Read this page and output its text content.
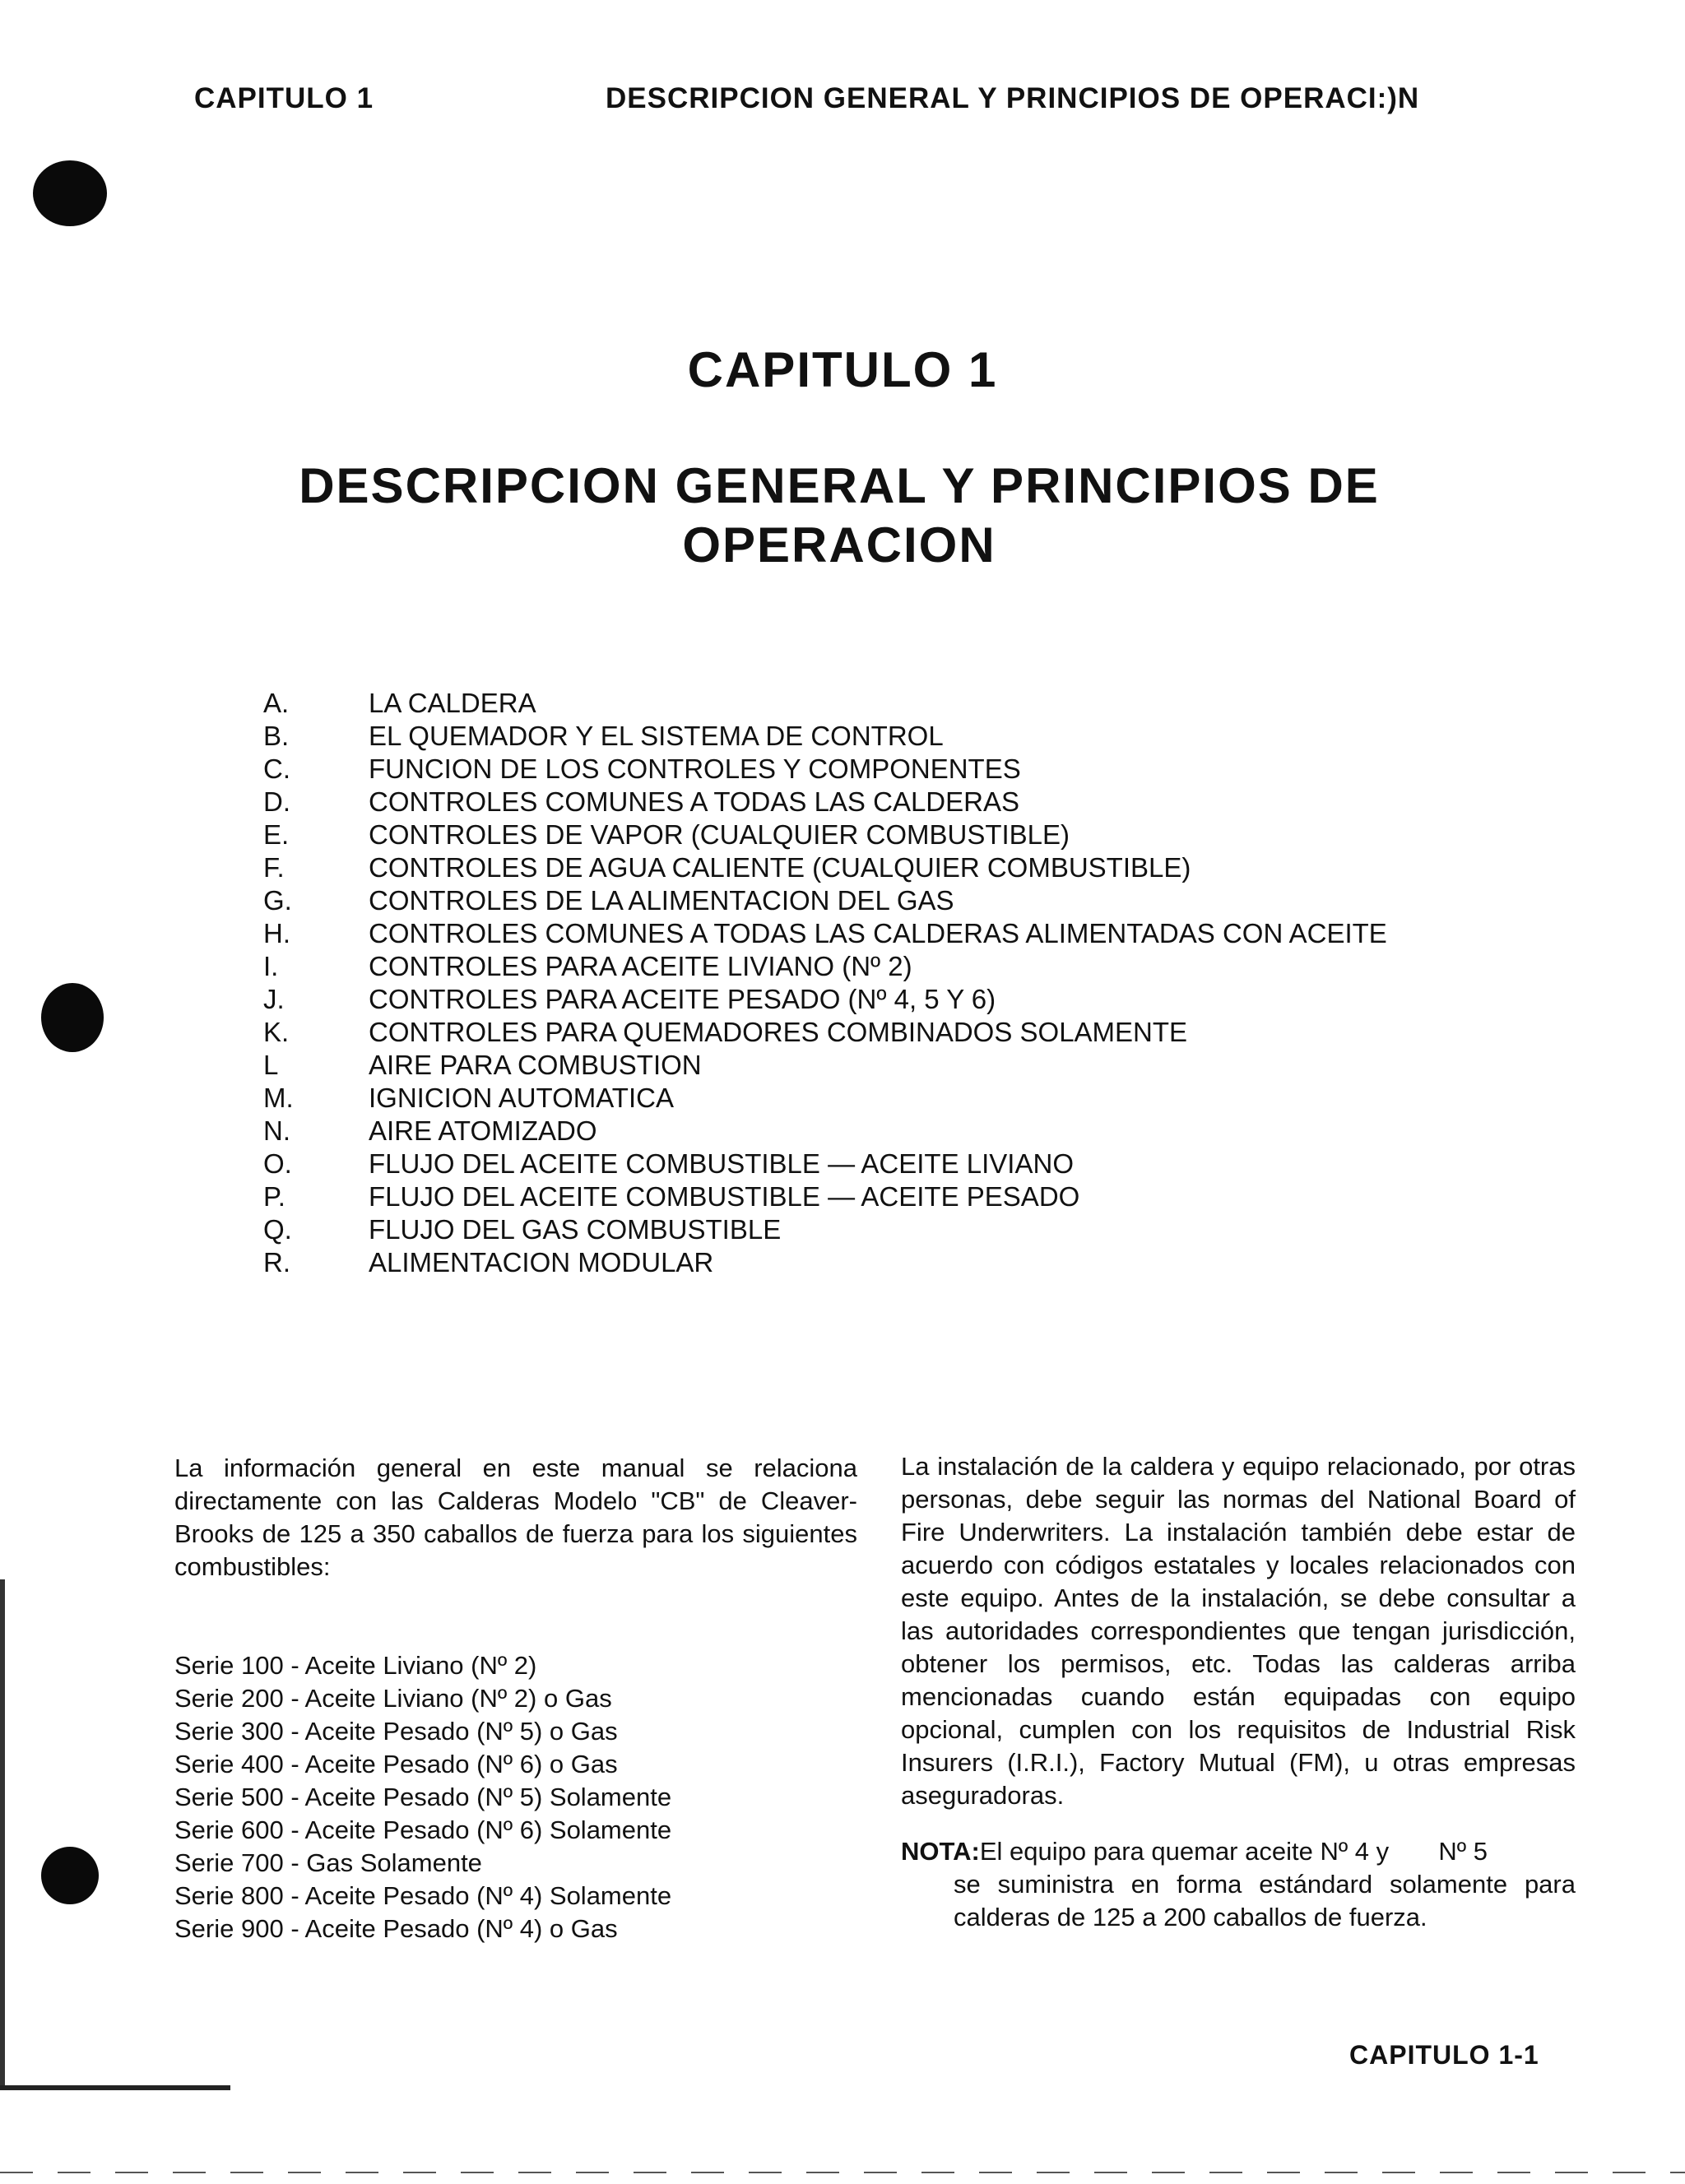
CAPITULO 1	DESCRIPCION GENERAL Y PRINCIPIOS DE OPERACI:)N
CAPITULO 1
DESCRIPCION GENERAL Y PRINCIPIOS DE OPERACION
A.	LA CALDERA
B.	EL QUEMADOR Y EL SISTEMA DE CONTROL
C.	FUNCION DE LOS CONTROLES Y COMPONENTES
D.	CONTROLES COMUNES A TODAS LAS CALDERAS
E.	CONTROLES DE VAPOR (CUALQUIER COMBUSTIBLE)
F.	CONTROLES DE AGUA CALIENTE (CUALQUIER COMBUSTIBLE)
G.	CONTROLES DE LA ALIMENTACION DEL GAS
H.	CONTROLES COMUNES A TODAS LAS CALDERAS ALIMENTADAS CON ACEITE
I.	CONTROLES PARA ACEITE LIVIANO (Nº 2)
J.	CONTROLES PARA ACEITE PESADO (Nº 4, 5 Y 6)
K.	CONTROLES PARA QUEMADORES COMBINADOS SOLAMENTE
L	AIRE PARA COMBUSTION
M.	IGNICION AUTOMATICA
N.	AIRE ATOMIZADO
O.	FLUJO DEL ACEITE COMBUSTIBLE — ACEITE LIVIANO
P.	FLUJO DEL ACEITE COMBUSTIBLE — ACEITE PESADO
Q.	FLUJO DEL GAS COMBUSTIBLE
R.	ALIMENTACION MODULAR

La información general en este manual se relaciona directamente con las Calderas Modelo "CB" de Cleaver-Brooks de 125 a 350 caballos de fuerza para los siguientes combustibles:

Serie 100 - Aceite Liviano (Nº 2)
Serie 200 - Aceite Liviano (Nº 2) o Gas
Serie 300 - Aceite Pesado (Nº 5) o Gas
Serie 400 - Aceite Pesado (Nº 6) o Gas
Serie 500 - Aceite Pesado (Nº 5) Solamente
Serie 600 - Aceite Pesado (Nº 6) Solamente
Serie 700 - Gas Solamente
Serie 800 - Aceite Pesado (Nº 4) Solamente
Serie 900 - Aceite Pesado (Nº 4) o Gas

La instalación de la caldera y equipo relacionado, por otras personas, debe seguir las normas del National Board of Fire Underwriters. La instalación también debe estar de acuerdo con códigos estatales y locales relacionados con este equipo. Antes de la instalación, se debe consultar a las autoridades correspondientes que tengan jurisdicción, obtener los permisos, etc. Todas las calderas arriba mencionadas cuando están equipadas con equipo opcional, cumplen con los requisitos de Industrial Risk Insurers (I.R.I.), Factory Mutual (FM), u otras empresas aseguradoras.

NOTA:El equipo para quemar aceite Nº 4 y       Nº 5
se suministra en forma estándard solamente para calderas de 125 a 200 caballos de fuerza.
CAPITULO 1-1
